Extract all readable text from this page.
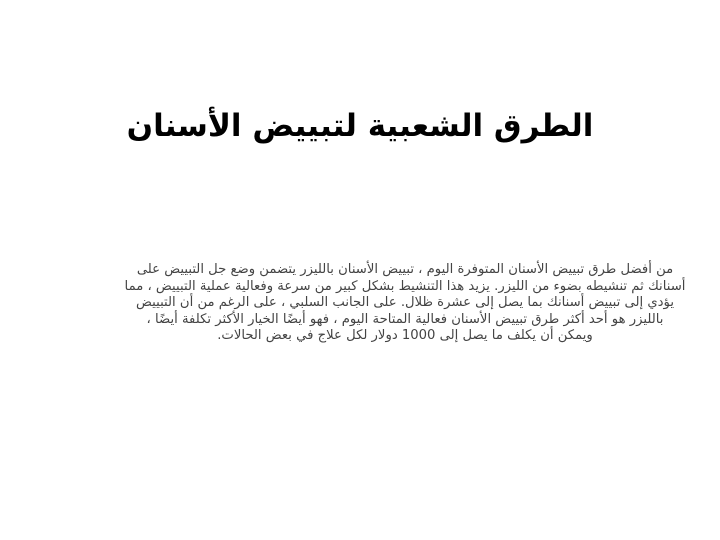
الطرق الشعبية لتبييض الأسنان

من أفضل طرق تبييض الأسنان المتوفرة اليوم ، تبييض الأسنان بالليزر يتضمن وضع جل التبييض على
أسنانك ثم تنشيطه بضوء من الليزر. يزيد هذا التنشيط بشكل كبير من سرعة وفعالية عملية التبييض ، مما
يؤدي إلى تبييض أسنانك بما يصل إلى عشرة ظلال. على الجانب السلبي ، على الرغم من أن التبييض
بالليزر هو أحد أكثر طرق تبييض الأسنان فعالية المتاحة اليوم ، فهو أيضًا الخيار الأكثر تكلفة أيضًا ،
ويمكن أن يكلف ما يصل إلى 1000 دولار لكل علاج في بعض الحالات.
